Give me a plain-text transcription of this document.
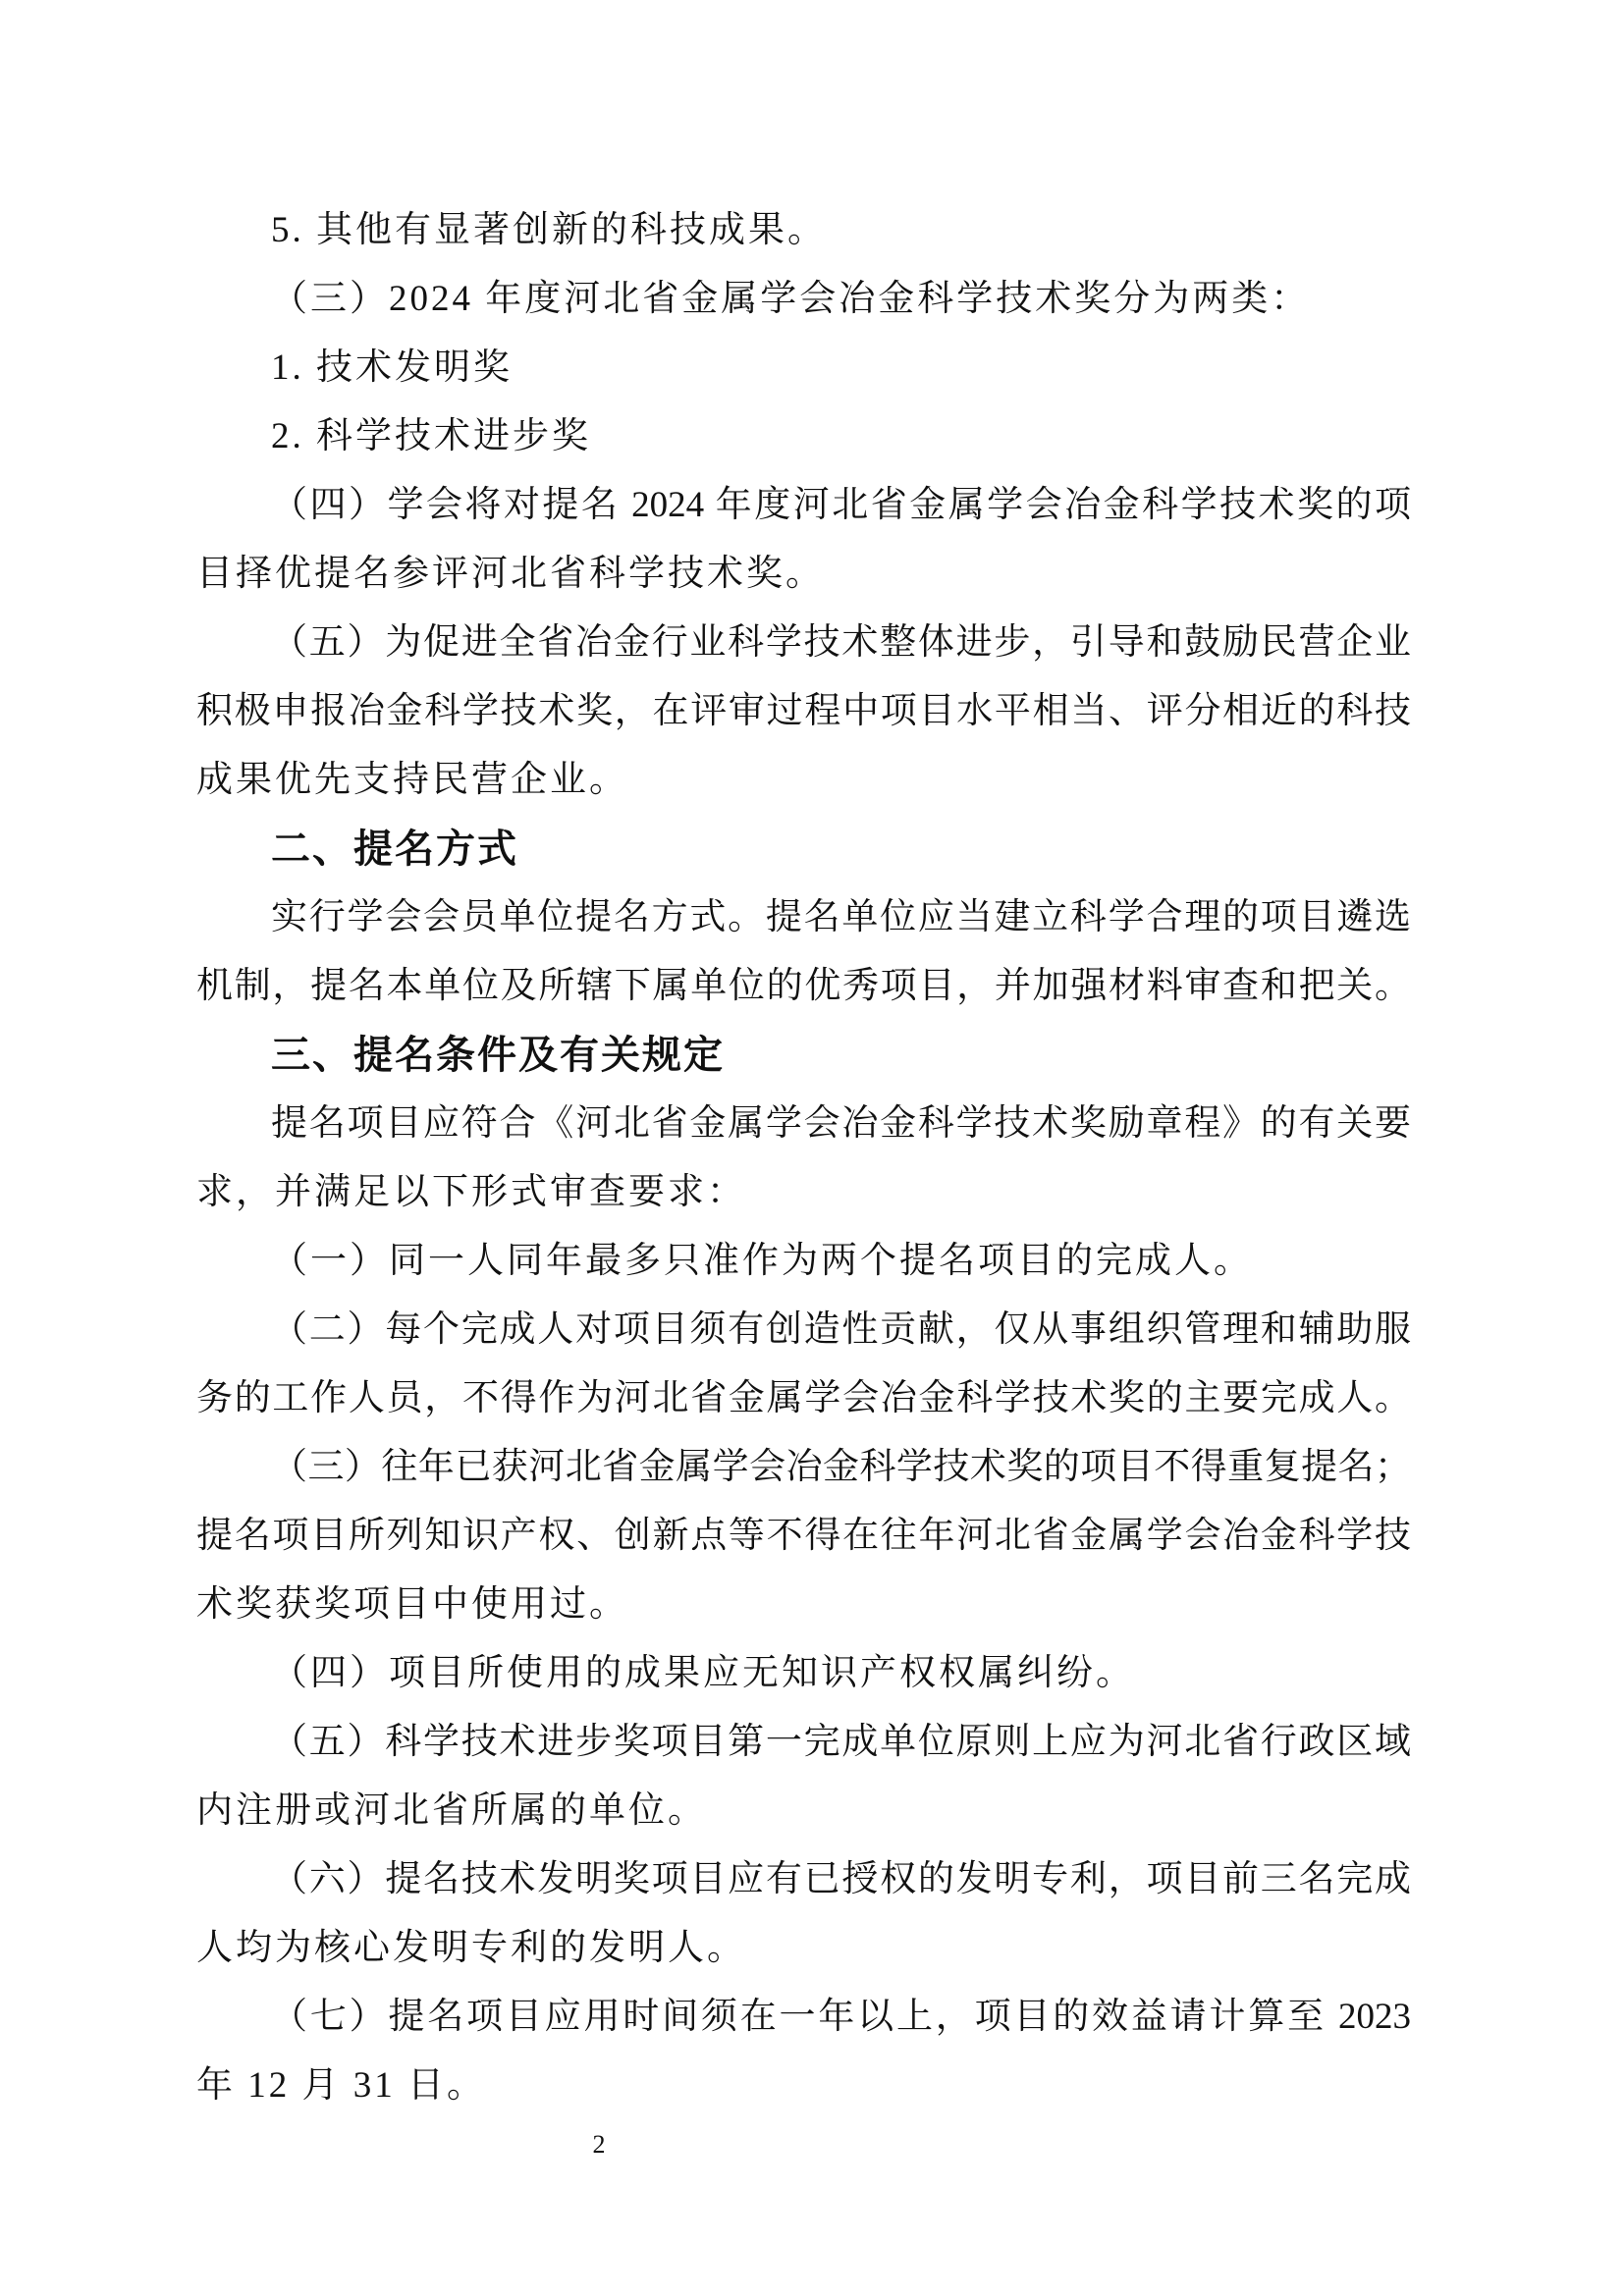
5. 其他有显著创新的科技成果。
（三）2024 年度河北省金属学会冶金科学技术奖分为两类：
1. 技术发明奖
2. 科学技术进步奖
（四）学会将对提名 2024 年度河北省金属学会冶金科学技术奖的项
目择优提名参评河北省科学技术奖。
（五）为促进全省冶金行业科学技术整体进步，引导和鼓励民营企业
积极申报冶金科学技术奖，在评审过程中项目水平相当、评分相近的科技
成果优先支持民营企业。
二、提名方式
实行学会会员单位提名方式。提名单位应当建立科学合理的项目遴选
机制，提名本单位及所辖下属单位的优秀项目，并加强材料审查和把关。
三、提名条件及有关规定
提名项目应符合《河北省金属学会冶金科学技术奖励章程》的有关要
求，并满足以下形式审查要求：
（一）同一人同年最多只准作为两个提名项目的完成人。
（二）每个完成人对项目须有创造性贡献，仅从事组织管理和辅助服
务的工作人员，不得作为河北省金属学会冶金科学技术奖的主要完成人。
（三）往年已获河北省金属学会冶金科学技术奖的项目不得重复提名；
提名项目所列知识产权、创新点等不得在往年河北省金属学会冶金科学技
术奖获奖项目中使用过。
（四）项目所使用的成果应无知识产权权属纠纷。
（五）科学技术进步奖项目第一完成单位原则上应为河北省行政区域
内注册或河北省所属的单位。
（六）提名技术发明奖项目应有已授权的发明专利，项目前三名完成
人均为核心发明专利的发明人。
（七）提名项目应用时间须在一年以上，项目的效益请计算至 2023
年 12 月 31 日。
2
